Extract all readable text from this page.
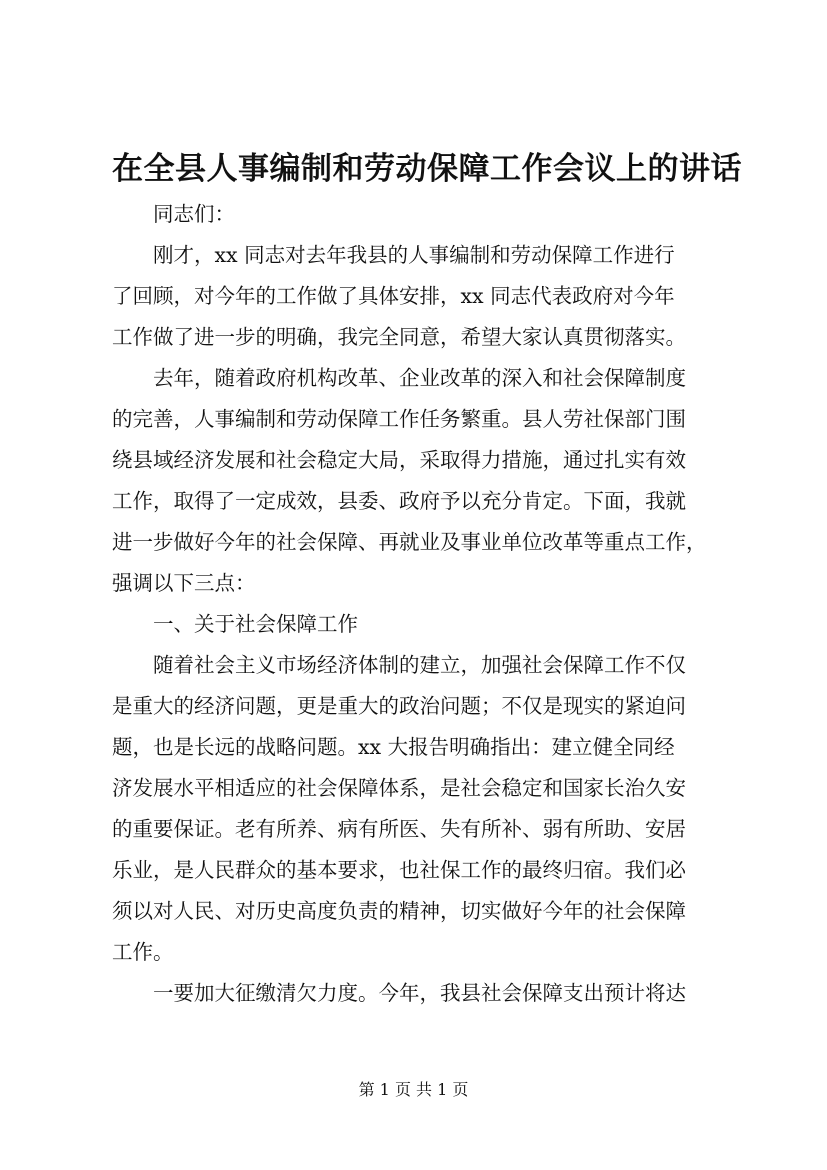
在全县人事编制和劳动保障工作会议上的讲话
同志们：
刚才，xx 同志对去年我县的人事编制和劳动保障工作进行
了回顾，对今年的工作做了具体安排，xx 同志代表政府对今年
工作做了进一步的明确，我完全同意，希望大家认真贯彻落实。
去年，随着政府机构改革、企业改革的深入和社会保障制度
的完善，人事编制和劳动保障工作任务繁重。县人劳社保部门围
绕县域经济发展和社会稳定大局，采取得力措施，通过扎实有效
工作，取得了一定成效，县委、政府予以充分肯定。下面，我就
进一步做好今年的社会保障、再就业及事业单位改革等重点工作，
强调以下三点：
一、关于社会保障工作
随着社会主义市场经济体制的建立，加强社会保障工作不仅
是重大的经济问题，更是重大的政治问题；不仅是现实的紧迫问
题，也是长远的战略问题。xx 大报告明确指出：建立健全同经
济发展水平相适应的社会保障体系，是社会稳定和国家长治久安
的重要保证。老有所养、病有所医、失有所补、弱有所助、安居
乐业，是人民群众的基本要求，也社保工作的最终归宿。我们必
须以对人民、对历史高度负责的精神，切实做好今年的社会保障
工作。
一要加大征缴清欠力度。今年，我县社会保障支出预计将达
第 1 页 共 1 页
